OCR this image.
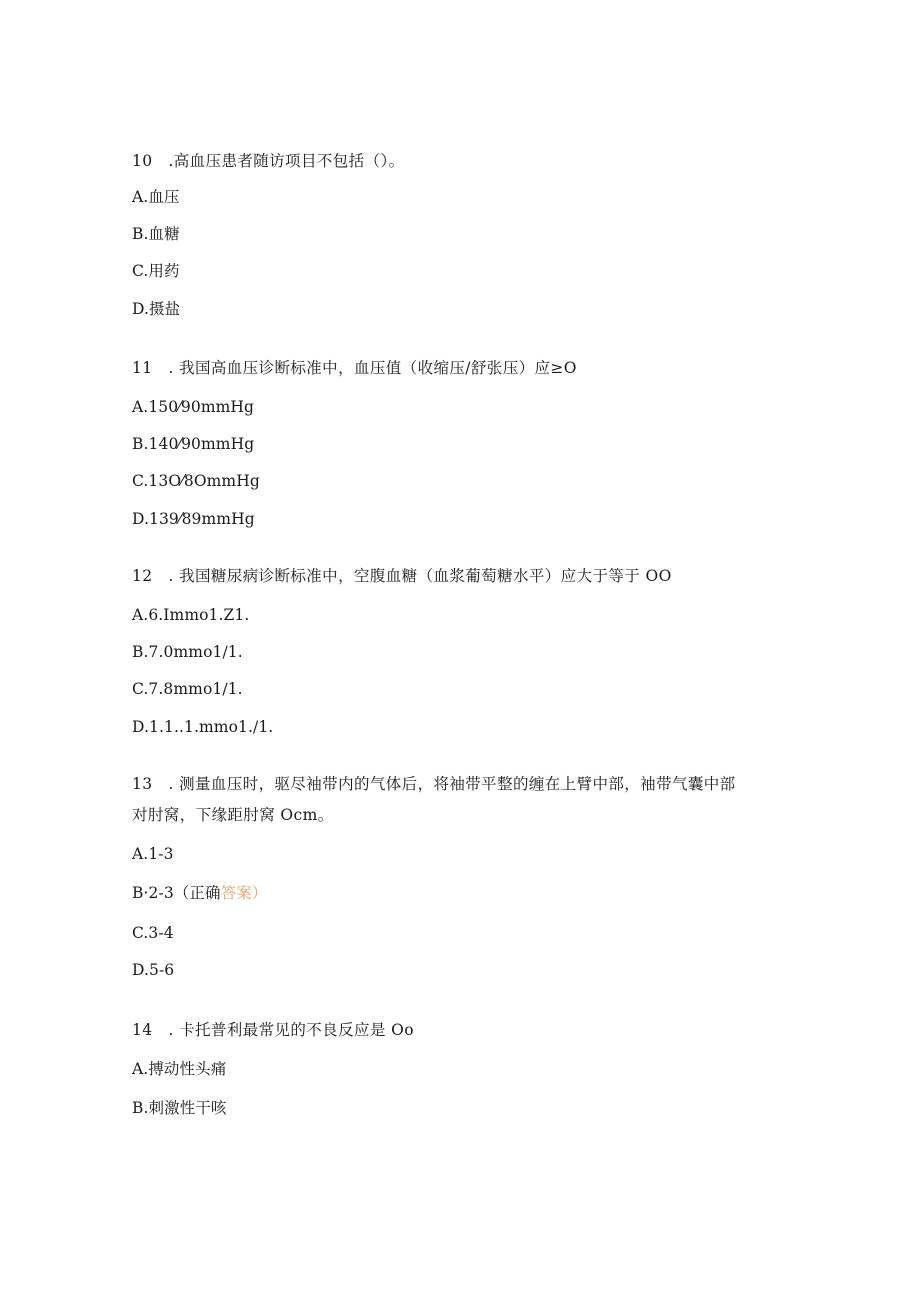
10　.高血压患者随访项目不包括（）。
A.血压
B.血糖
C.用药
D.摄盐
11　. 我国高血压诊断标准中，血压值（收缩压/舒张压）应≥O
A.150⁄90mmHg
B.140⁄90mmHg
C.13O⁄8OmmHg
D.139⁄89mmHg
12　. 我国糖尿病诊断标准中，空腹血糖（血浆葡萄糖水平）应大于等于 OO
A.6.Immo1.Z1.
B.7.0mmo1∕1.
C.7.8mmo1∕1.
D.1.1..1.mmo1./1.
13　. 测量血压时，驱尽袖带内的气体后，将袖带平整的缠在上臂中部，袖带气囊中部
对肘窝，下缘距肘窝 Ocm。
A.1-3
B·2-3（正确答案）
C.3-4
D.5-6
14　. 卡托普利最常见的不良反应是 Oo
A.搏动性头痛
B.刺激性干咳
